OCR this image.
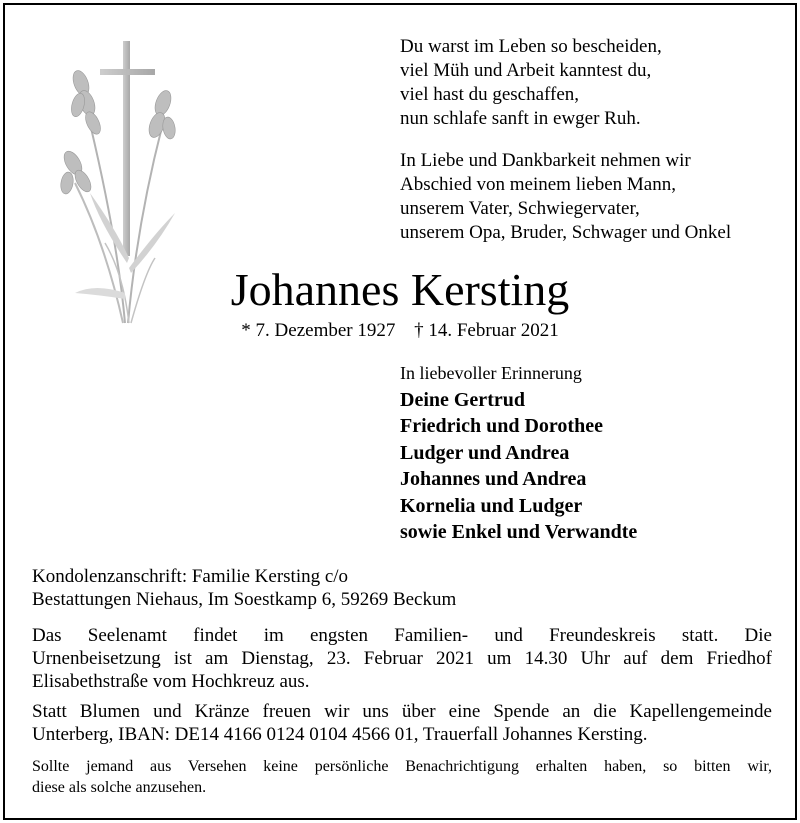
Du warst im Leben so bescheiden,
viel Müh und Arbeit kanntest du,
viel hast du geschaffen,
nun schlafe sanft in ewger Ruh.
In Liebe und Dankbarkeit nehmen wir
Abschied von meinem lieben Mann,
unserem Vater, Schwiegervater,
unserem Opa, Bruder, Schwager und Onkel
Johannes Kersting
* 7. Dezember 1927 † 14. Februar 2021
In liebevoller Erinnerung
Deine Gertrud
Friedrich und Dorothee
Ludger und Andrea
Johannes und Andrea
Kornelia und Ludger
sowie Enkel und Verwandte
Kondolenzanschrift: Familie Kersting c/o
Bestattungen Niehaus, Im Soestkamp 6, 59269 Beckum
Das Seelenamt findet im engsten Familien- und Freundeskreis statt. Die
Urnenbeisetzung ist am Dienstag, 23. Februar 2021 um 14.30 Uhr auf dem Friedhof
Elisabethstraße vom Hochkreuz aus.
Statt Blumen und Kränze freuen wir uns über eine Spende an die Kapellengemeinde
Unterberg, IBAN: DE14 4166 0124 0104 4566 01, Trauerfall Johannes Kersting.
Sollte jemand aus Versehen keine persönliche Benachrichtigung erhalten haben, so bitten wir,
diese als solche anzusehen.
